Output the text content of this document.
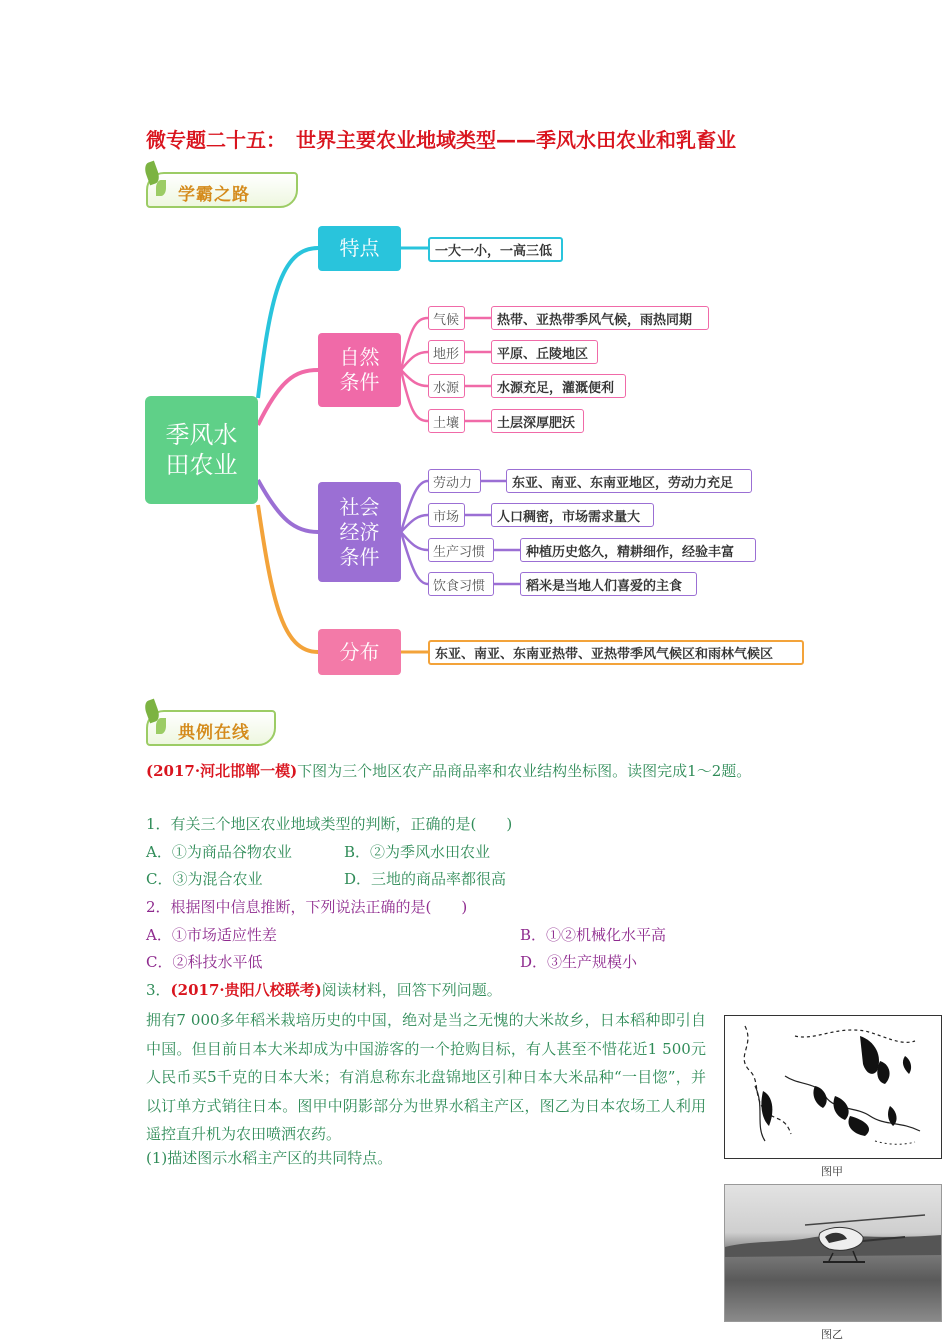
微专题二十五：　世界主要农业地域类型——季风水田农业和乳畜业
学霸之路
季风水田农业
特点	一大一小，一高三低
自然条件
气候	热带、亚热带季风气候，雨热同期
地形	平原、丘陵地区
水源	水源充足，灌溉便利
土壤	土层深厚肥沃
社会经济条件
劳动力	东亚、南亚、东南亚地区，劳动力充足
市场	人口稠密，市场需求量大
生产习惯	种植历史悠久，精耕细作，经验丰富
饮食习惯	稻米是当地人们喜爱的主食
分布	东亚、南亚、东南亚热带、亚热带季风气候区和雨林气候区
典例在线
(2017·河北邯郸一模)下图为三个地区农产品商品率和农业结构坐标图。读图完成1～2题。
1．有关三个地区农业地域类型的判断，正确的是(　　)
A．①为商品谷物农业	B．②为季风水田农业
C．③为混合农业	D．三地的商品率都很高
2．根据图中信息推断，下列说法正确的是(　　)
A．①市场适应性差	B．①②机械化水平高
C．②科技水平低	D．③生产规模小
3．(2017·贵阳八校联考)阅读材料，回答下列问题。
拥有7 000多年稻米栽培历史的中国，绝对是当之无愧的大米故乡，日本稻种即引自中国。但目前日本大米却成为中国游客的一个抢购目标，有人甚至不惜花近1 500元人民币买5千克的日本大米；有消息称东北盘锦地区引种日本大米品种“一目惚”，并以订单方式销往日本。图甲中阴影部分为世界水稻主产区，图乙为日本农场工人利用遥控直升机为农田喷洒农药。
(1)描述图示水稻主产区的共同特点。
图甲
图乙
